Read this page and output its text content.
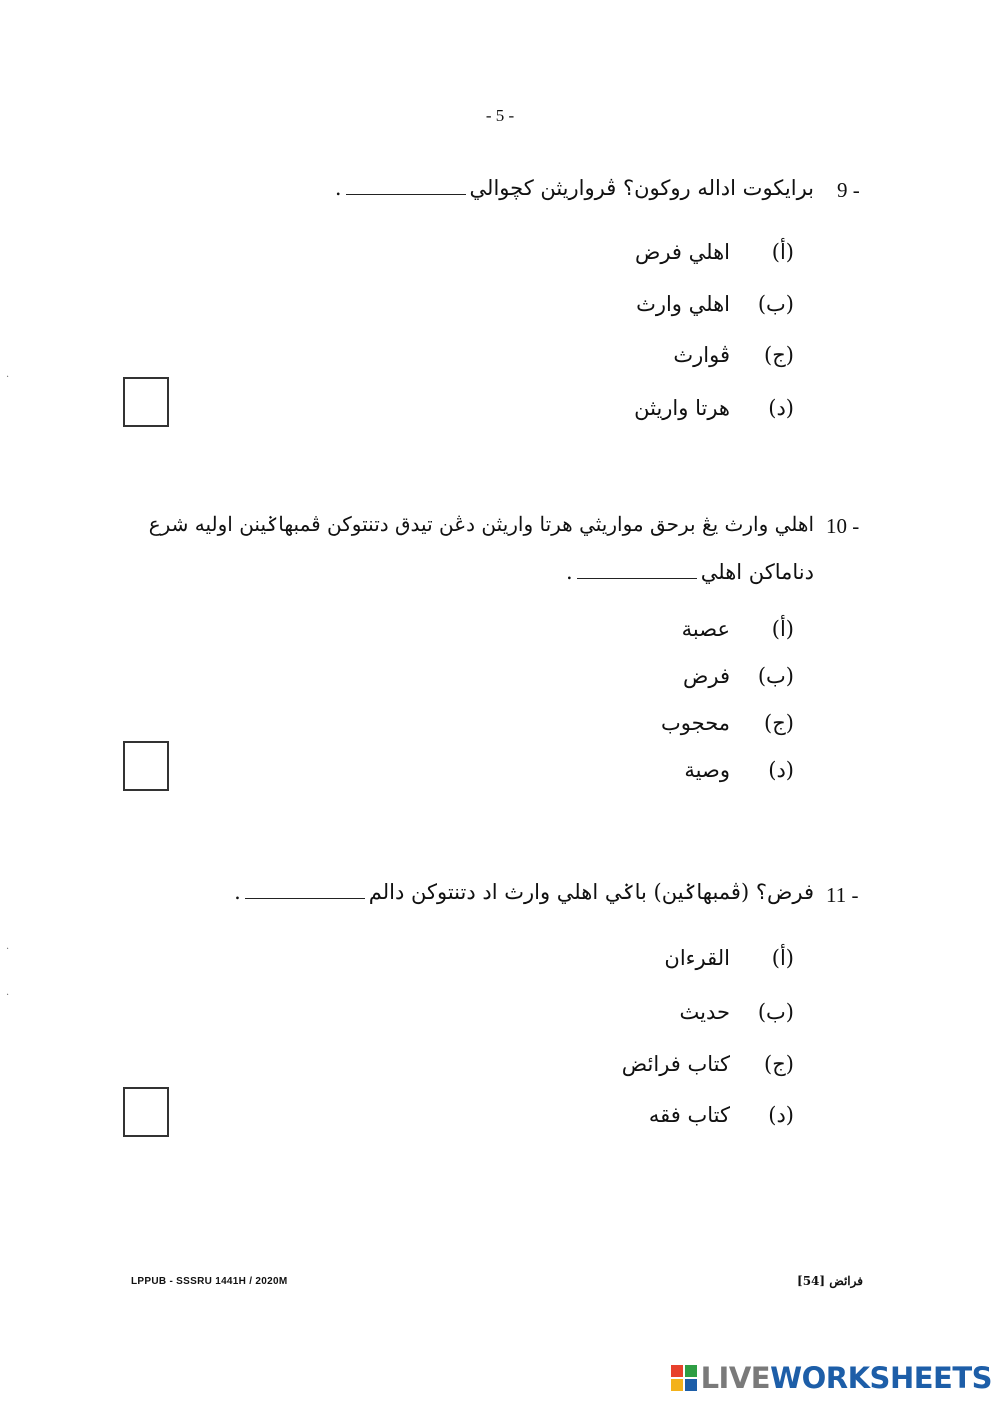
- 5 -
9 -
برايكوت اداله روكون؟ ڤرواريثن كچوالي.
(أ)اهلي فرض
(ب)اهلي وارث
(ج)ڤوارث
(د)هرتا واريثن
10 -
اهلي وارث يڠ برحق مواريثي هرتا واريثن دڠن تيدق دتنتوكن ڤمبهاݢينن اوليه شرع
دناماكن اهلي.
(أ)عصبة
(ب)فرض
(ج)محجوب
(د)وصية
11 -
فرض؟ (ڤمبهاݢين) باݢي اهلي وارث اد دتنتوكن دالم.
(أ)القرءان
(ب)حديث
(ج)كتاب فرائض
(د)كتاب فقه
·
·
·
LPPUB - SSSRU 1441H / 2020M	فرائض [54]
LIVE WORKSHEETS
